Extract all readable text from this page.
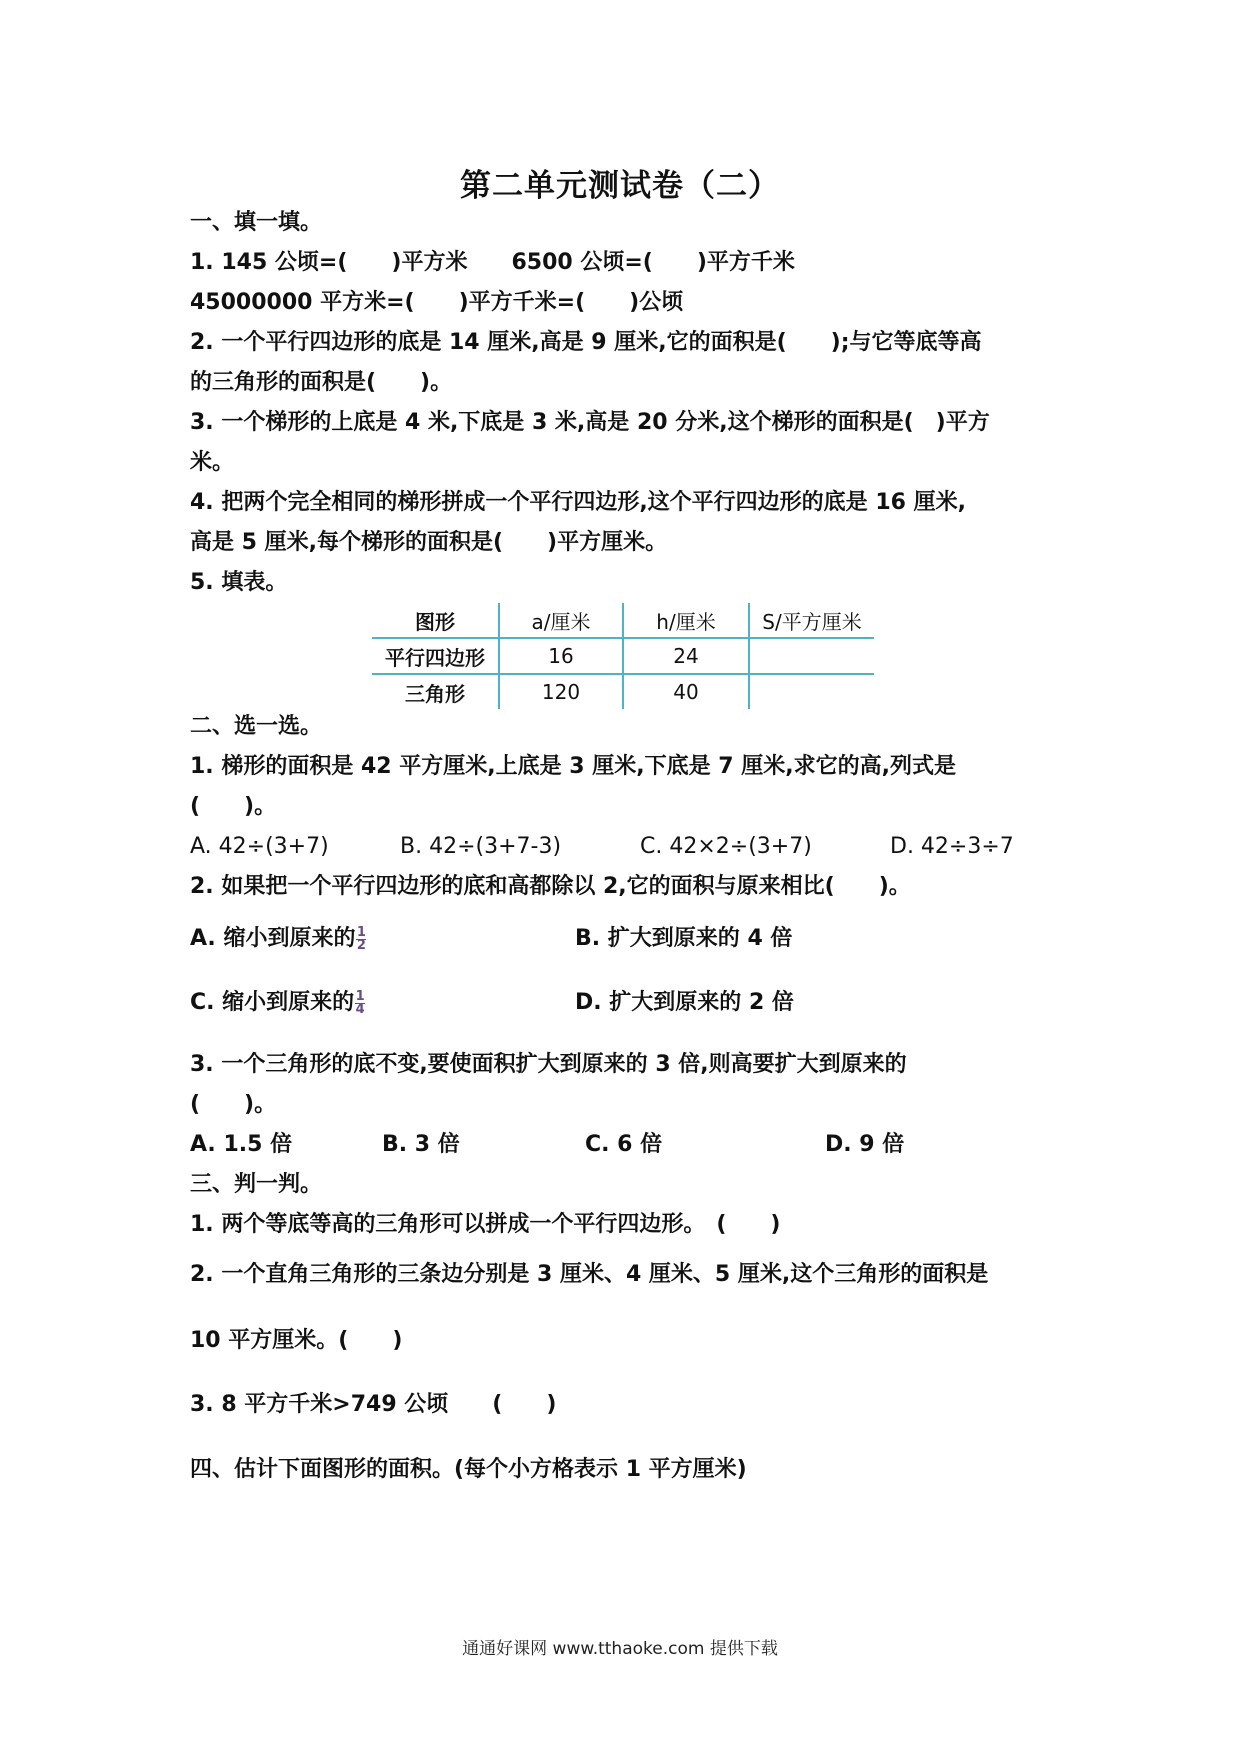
第二单元测试卷（二）
一、填一填。
1. 145 公顷=(　　)平方米　　6500 公顷=(　　)平方千米
45000000 平方米=(　　)平方千米=(　　)公顷
2. 一个平行四边形的底是 14 厘米,高是 9 厘米,它的面积是(　　);与它等底等高
的三角形的面积是(　　)。
3. 一个梯形的上底是 4 米,下底是 3 米,高是 20 分米,这个梯形的面积是(　)平方
米。
4. 把两个完全相同的梯形拼成一个平行四边形,这个平行四边形的底是 16 厘米,
高是 5 厘米,每个梯形的面积是(　　)平方厘米。
5. 填表。
图形	a/厘米	h/厘米	S/平方厘米
平行四边形	16	24	
三角形	120	40	
二、选一选。
1. 梯形的面积是 42 平方厘米,上底是 3 厘米,下底是 7 厘米,求它的高,列式是
(　　)。
A. 42÷(3+7)	B. 42÷(3+7-3)	C. 42×2÷(3+7)	D. 42÷3÷7
2. 如果把一个平行四边形的底和高都除以 2,它的面积与原来相比(　　)。
A. 缩小到原来的 $\frac{1}{2}$	B. 扩大到原来的 4 倍
C. 缩小到原来的 $\frac{1}{4}$	D. 扩大到原来的 2 倍
3. 一个三角形的底不变,要使面积扩大到原来的 3 倍,则高要扩大到原来的
(　　)。
A. 1.5 倍	B. 3 倍	C. 6 倍	D. 9 倍
三、判一判。
1. 两个等底等高的三角形可以拼成一个平行四边形。　(　　)
2. 一个直角三角形的三条边分别是 3 厘米、4 厘米、5 厘米,这个三角形的面积是
10 平方厘米。(　　)
3. 8 平方千米>749 公顷　　(　　)
四、估计下面图形的面积。(每个小方格表示 1 平方厘米)
通通好课网 www.tthaoke.com 提供下载
